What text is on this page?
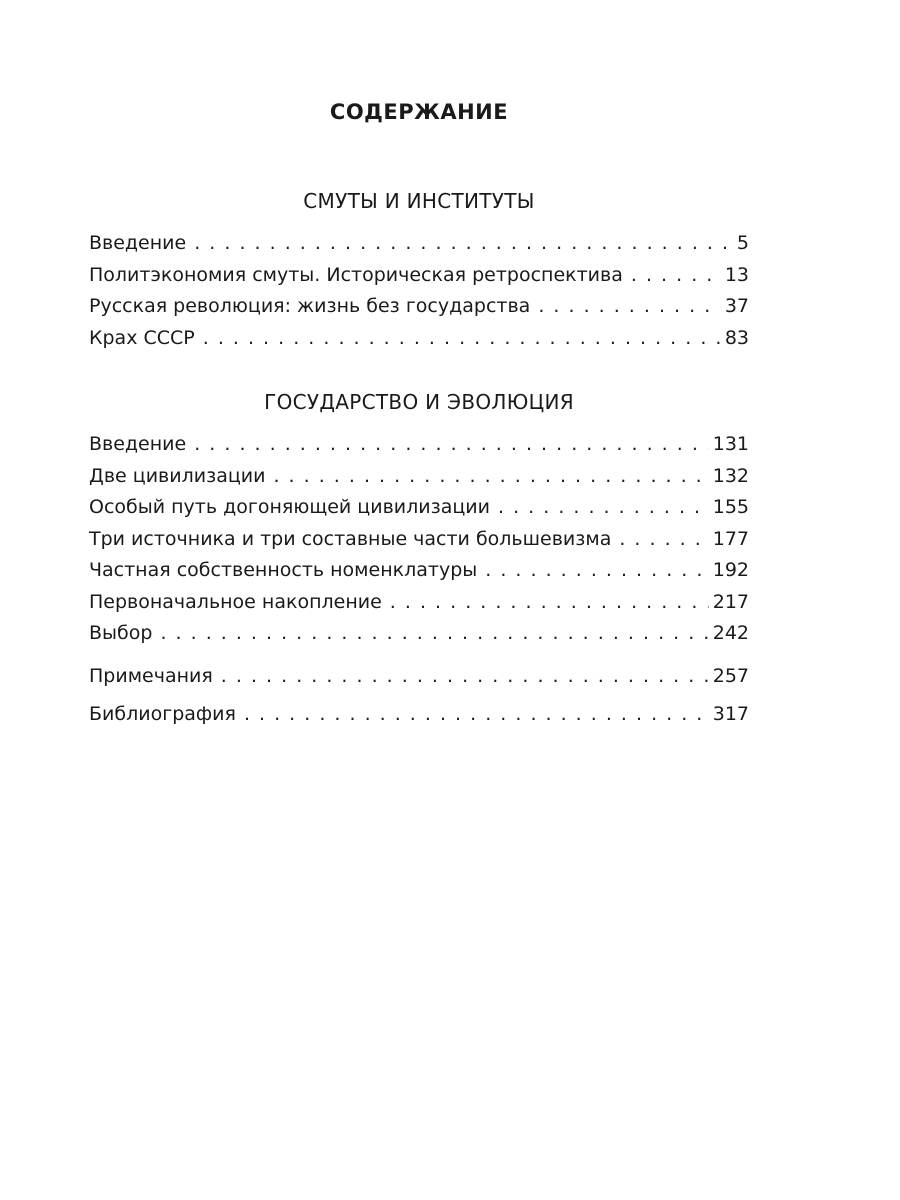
СОДЕРЖАНИЕ
СМУТЫ И ИНСТИТУТЫ
Введение . . .	5
Политэкономия смуты. Историческая ретроспектива . . .	13
Русская революция: жизнь без государства . . .	37
Крах СССР . . .	83
ГОСУДАРСТВО И ЭВОЛЮЦИЯ
Введение . . .	131
Две цивилизации . . .	132
Особый путь догоняющей цивилизации . . .	155
Три источника и три составные части большевизма . . .	177
Частная собственность номенклатуры . . .	192
Первоначальное накопление . . .	217
Выбор . . .	242
Примечания . . .	257
Библиография . . .	317
